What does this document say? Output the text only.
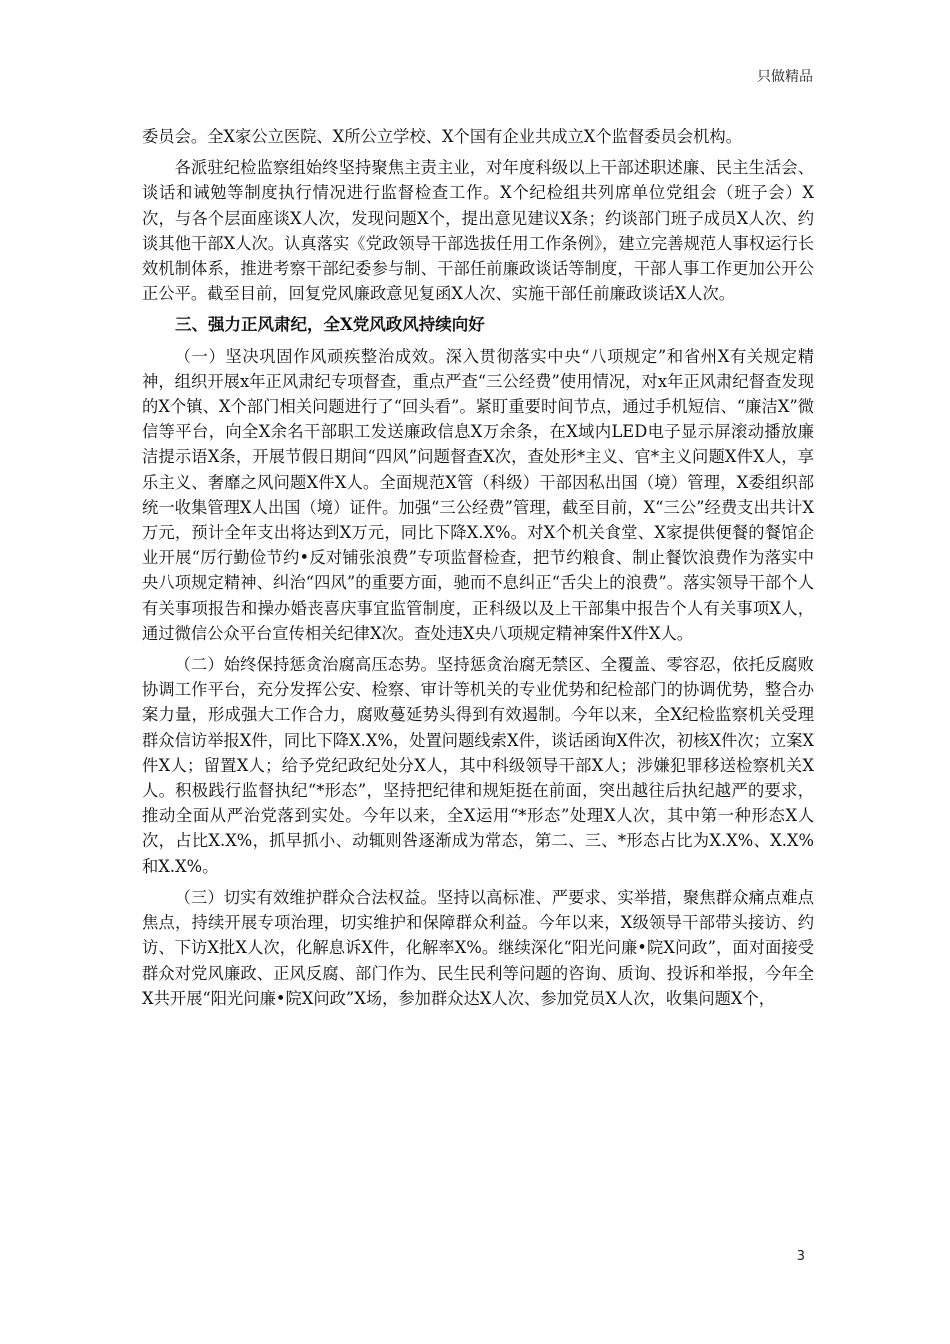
只做精品

委员会。全X家公立医院、X所公立学校、X个国有企业共成立X个监督委员会机构。

各派驻纪检监察组始终坚持聚焦主责主业，对年度科级以上干部述职述廉、民主生活会、谈话和诫勉等制度执行情况进行监督检查工作。X个纪检组共列席单位党组会（班子会）X次，与各个层面座谈X人次，发现问题X个，提出意见建议X条；约谈部门班子成员X人次、约谈其他干部X人次。认真落实《党政领导干部选拔任用工作条例》，建立完善规范人事权运行长效机制体系，推进考察干部纪委参与制、干部任前廉政谈话等制度，干部人事工作更加公开公正公平。截至目前，回复党风廉政意见复函X人次、实施干部任前廉政谈话X人次。

三、强力正风肃纪，全X党风政风持续向好

（一）坚决巩固作风顽疾整治成效。深入贯彻落实中央“八项规定”和省州X有关规定精神，组织开展x年正风肃纪专项督查，重点严查“三公经费”使用情况，对x年正风肃纪督查发现的X个镇、X个部门相关问题进行了“回头看”。紧盯重要时间节点，通过手机短信、“廉洁X”微信等平台，向全X余名干部职工发送廉政信息X万余条，在X域内LED电子显示屏滚动播放廉洁提示语X条，开展节假日期间“四风”问题督查X次，查处形*主义、官*主义问题X件X人，享乐主义、奢靡之风问题X件X人。全面规范X管（科级）干部因私出国（境）管理，X委组织部统一收集管理X人出国（境）证件。加强“三公经费”管理，截至目前，X“三公”经费支出共计X万元，预计全年支出将达到X万元，同比下降X.X%。对X个机关食堂、X家提供便餐的餐馆企业开展“厉行勤俭节约•反对铺张浪费”专项监督检查，把节约粮食、制止餐饮浪费作为落实中央八项规定精神、纠治“四风”的重要方面，驰而不息纠正“舌尖上的浪费”。落实领导干部个人有关事项报告和操办婚丧喜庆事宜监管制度，正科级以及上干部集中报告个人有关事项X人，通过微信公众平台宣传相关纪律X次。查处违X央八项规定精神案件X件X人。

（二）始终保持惩贪治腐高压态势。坚持惩贪治腐无禁区、全覆盖、零容忍，依托反腐败协调工作平台，充分发挥公安、检察、审计等机关的专业优势和纪检部门的协调优势，整合办案力量，形成强大工作合力，腐败蔓延势头得到有效遏制。今年以来，全X纪检监察机关受理群众信访举报X件，同比下降X.X%，处置问题线索X件，谈话函询X件次，初核X件次；立案X件X人；留置X人；给予党纪政纪处分X人，其中科级领导干部X人；涉嫌犯罪移送检察机关X人。积极践行监督执纪“*形态”，坚持把纪律和规矩挺在前面，突出越往后执纪越严的要求，推动全面从严治党落到实处。今年以来，全X运用“*形态”处理X人次，其中第一种形态X人次，占比X.X%，抓早抓小、动辄则咎逐渐成为常态，第二、三、*形态占比为X.X%、X.X%和X.X%。

（三）切实有效维护群众合法权益。坚持以高标准、严要求、实举措，聚焦群众痛点难点焦点，持续开展专项治理，切实维护和保障群众利益。今年以来，X级领导干部带头接访、约访、下访X批X人次，化解息诉X件，化解率X%。继续深化“阳光问廉•院X问政”，面对面接受群众对党风廉政、正风反腐、部门作为、民生民利等问题的咨询、质询、投诉和举报，今年全X共开展“阳光问廉•院X问政”X场，参加群众达X人次、参加党员X人次，收集问题X个，

3
